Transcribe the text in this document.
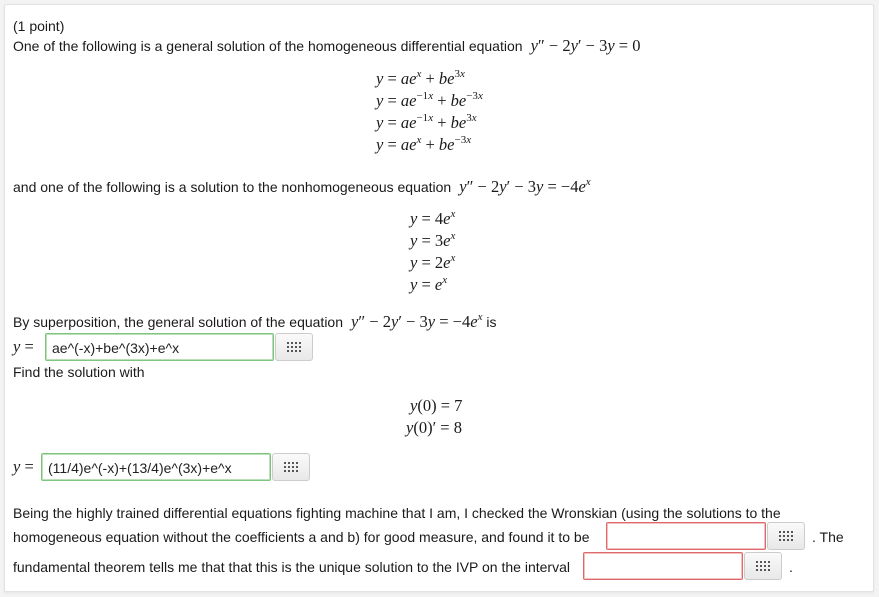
(1 point)
One of the following is a general solution of the homogeneous differential equation y″ − 2y′ − 3y = 0
$y = ae^x + be^{3x}$
$y = ae^{-1x} + be^{-3x}$
$y = ae^{-1x} + be^{3x}$
$y = ae^x + be^{-3x}$
and one of the following is a solution to the nonhomogeneous equation $y'' - 2y' - 3y = -4e^x$
$y = 4e^x$
$y = 3e^x$
$y = 2e^x$
$y = e^x$
By superposition, the general solution of the equation $y'' - 2y' - 3y = -4e^x$ is
y =	ae^(-x)+be^(3x)+e^x
Find the solution with
y(0) = 7
y(0)′ = 8
y =	(11/4)e^(-x)+(13/4)e^(3x)+e^x
Being the highly trained differential equations fighting machine that I am, I checked the Wronskian (using the solutions to the
homogeneous equation without the coefficients a and b) for good measure, and found it to be	. The
fundamental theorem tells me that that this is the unique solution to the IVP on the interval	.
